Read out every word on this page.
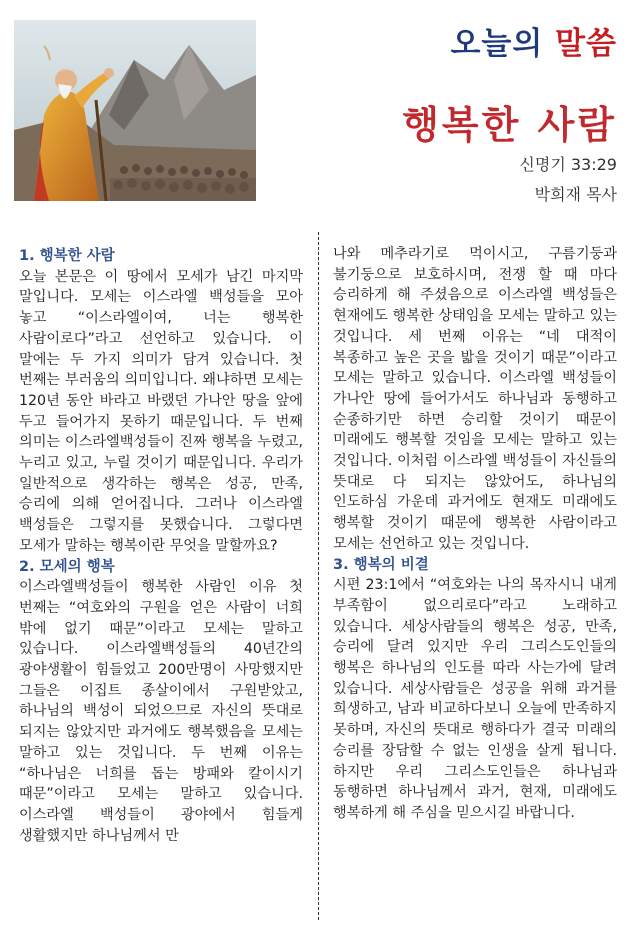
오늘의 말씀
행복한 사람
신명기 33:29
박희재 목사

1. 행복한 사람

오늘 본문은 이 땅에서 모세가 남긴 마지막 말입니다. 모세는 이스라엘 백성들을 모아 놓고 “이스라엘이여, 너는 행복한 사람이로다”라고 선언하고 있습니다. 이 말에는 두 가지 의미가 담겨 있습니다. 첫 번째는 부러움의 의미입니다. 왜냐하면 모세는 120년 동안 바라고 바랬던 가나안 땅을 앞에 두고 들어가지 못하기 때문입니다. 두 번째 의미는 이스라엘백성들이 진짜 행복을 누렸고, 누리고 있고, 누릴 것이기 때문입니다. 우리가 일반적으로 생각하는 행복은 성공, 만족, 승리에 의해 얻어집니다. 그러나 이스라엘 백성들은 그렇지를 못했습니다. 그렇다면 모세가 말하는 행복이란 무엇을 말할까요?

2. 모세의 행복

이스라엘백성들이 행복한 사람인 이유 첫 번째는 “여호와의 구원을 얻은 사람이 너희 밖에 없기 때문”이라고 모세는 말하고 있습니다. 이스라엘백성들의 40년간의 광야생활이 힘들었고 200만명이 사망했지만 그들은 이집트 종살이에서 구원받았고, 하나님의 백성이 되었으므로 자신의 뜻대로 되지는 않았지만 과거에도 행복했음을 모세는 말하고 있는 것입니다. 두 번째 이유는 “하나님은 너희를 돕는 방패와 칼이시기 때문”이라고 모세는 말하고 있습니다. 이스라엘 백성들이 광야에서 힘들게 생활했지만 하나님께서 만

나와 메추라기로 먹이시고, 구름기둥과 불기둥으로 보호하시며, 전쟁 할 때 마다 승리하게 해 주셨음으로 이스라엘 백성들은 현재에도 행복한 상태임을 모세는 말하고 있는 것입니다. 세 번째 이유는 “네 대적이 복종하고 높은 곳을 밟을 것이기 때문”이라고 모세는 말하고 있습니다. 이스라엘 백성들이 가나안 땅에 들어가서도 하나님과 동행하고 순종하기만 하면 승리할 것이기 때문이 미래에도 행복할 것임을 모세는 말하고 있는 것입니다. 이처럼 이스라엘 백성들이 자신들의 뜻대로 다 되지는 않았어도, 하나님의 인도하심 가운데 과거에도 현재도 미래에도 행복할 것이기 때문에 행복한 사람이라고 모세는 선언하고 있는 것입니다.

3. 행복의 비결

시편 23:1에서 “여호와는 나의 목자시니 내게 부족함이 없으리로다”라고 노래하고 있습니다. 세상사람들의 행복은 성공, 만족, 승리에 달려 있지만 우리 그리스도인들의 행복은 하나님의 인도를 따라 사는가에 달려 있습니다. 세상사람들은 성공을 위해 과거를 희생하고, 남과 비교하다보니 오늘에 만족하지 못하며, 자신의 뜻대로 행하다가 결국 미래의 승리를 장담할 수 없는 인생을 살게 됩니다. 하지만 우리 그리스도인들은 하나님과 동행하면 하나님께서 과거, 현재, 미래에도 행복하게 해 주심을 믿으시길 바랍니다.
